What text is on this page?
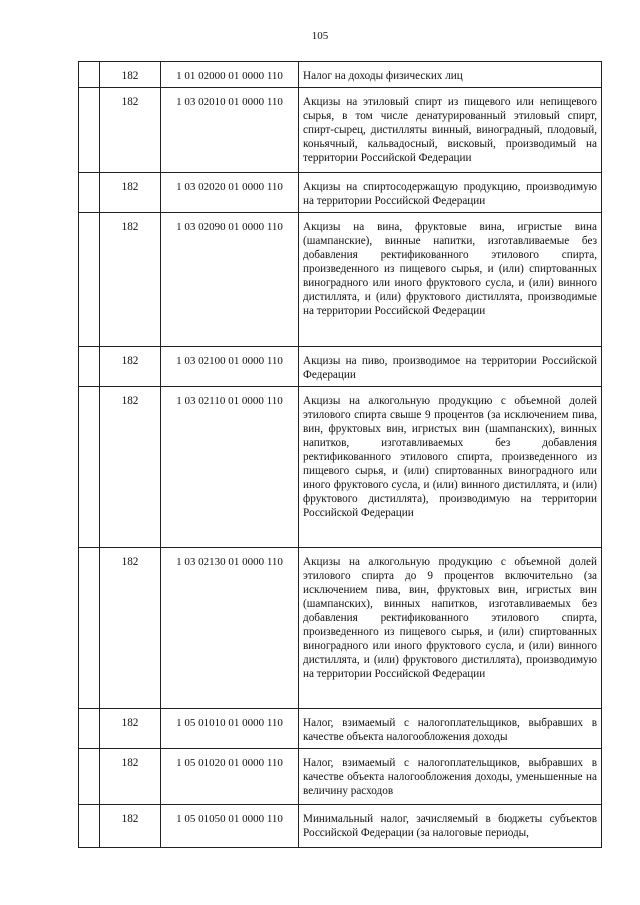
105
	182	1 01 02000 01 0000 110	Налог на доходы физических лиц
	182	1 03 02010 01 0000 110	Акцизы на этиловый спирт из пищевого или непищевого сырья, в том числе денатурированный этиловый спирт, спирт-сырец, дистилляты винный, виноградный, плодовый, коньячный, кальвадосный, висковый, производимый на территории Российской Федерации
	182	1 03 02020 01 0000 110	Акцизы на спиртосодержащую продукцию, производимую на территории Российской Федерации
	182	1 03 02090 01 0000 110	Акцизы на вина, фруктовые вина, игристые вина (шампанские), винные напитки, изготавливаемые без добавления ректификованного этилового спирта, произведенного из пищевого сырья, и (или) спиртованных виноградного или иного фруктового сусла, и (или) винного дистиллята, и (или) фруктового дистиллята, производимые на территории Российской Федерации
	182	1 03 02100 01 0000 110	Акцизы на пиво, производимое на территории Российской Федерации
	182	1 03 02110 01 0000 110	Акцизы на алкогольную продукцию с объемной долей этилового спирта свыше 9 процентов (за исключением пива, вин, фруктовых вин, игристых вин (шампанских), винных напитков, изготавливаемых без добавления ректификованного этилового спирта, произведенного из пищевого сырья, и (или) спиртованных виноградного или иного фруктового сусла, и (или) винного дистиллята, и (или) фруктового дистиллята), производимую на территории Российской Федерации
	182	1 03 02130 01 0000 110	Акцизы на алкогольную продукцию с объемной долей этилового спирта до 9 процентов включительно (за исключением пива, вин, фруктовых вин, игристых вин (шампанских), винных напитков, изготавливаемых без добавления ректификованного этилового спирта, произведенного из пищевого сырья, и (или) спиртованных виноградного или иного фруктового сусла, и (или) винного дистиллята, и (или) фруктового дистиллята), производимую на территории Российской Федерации
	182	1 05 01010 01 0000 110	Налог, взимаемый с налогоплательщиков, выбравших в качестве объекта налогообложения доходы
	182	1 05 01020 01 0000 110	Налог, взимаемый с налогоплательщиков, выбравших в качестве объекта налогообложения доходы, уменьшенные на величину расходов
	182	1 05 01050 01 0000 110	Минимальный налог, зачисляемый в бюджеты субъектов Российской Федерации (за налоговые периоды,
